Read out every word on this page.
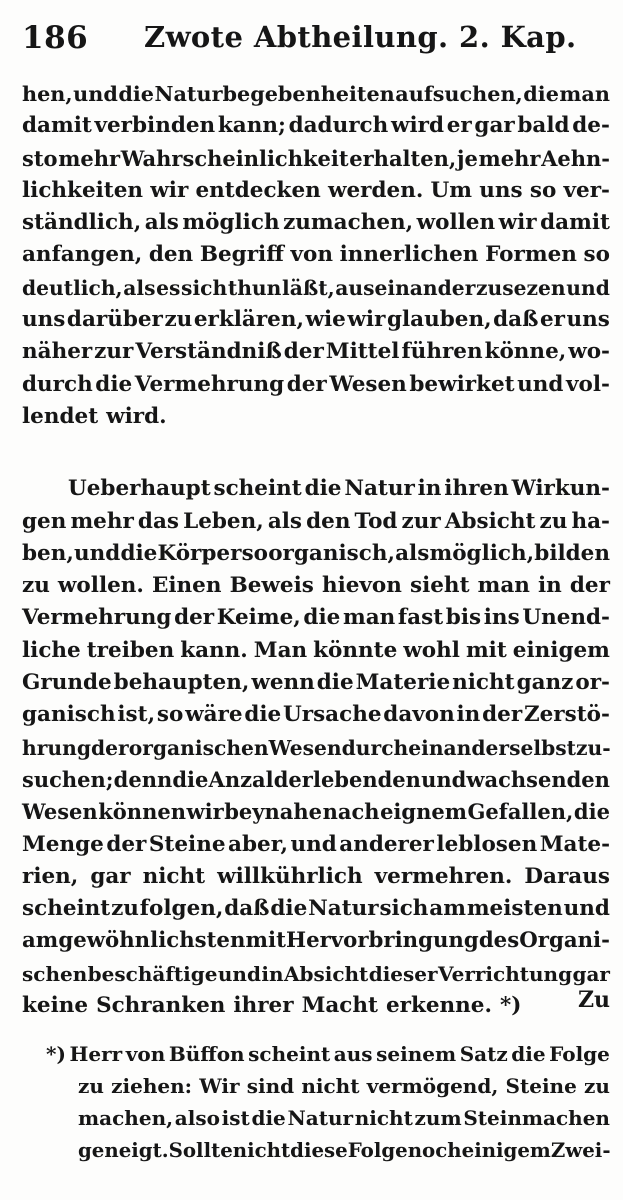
186 Zwote Abtheilung. 2. Kap.
hen, und die Naturbegebenheiten aufsuchen, die man
damit verbinden kann; dadurch wird er gar bald de-
sto mehr Wahrscheinlichkeit erhalten, je mehr Aehn-
lichkeiten wir entdecken werden. Um uns so ver-
ständlich, als möglich zumachen, wollen wir damit
anfangen, den Begriff von innerlichen Formen so
deutlich, als es sich thun läßt, auseinander zusezen und
uns darüber zu erklären, wie wir glauben, daß er uns
näher zur Verständniß der Mittel führen könne, wo-
durch die Vermehrung der Wesen bewirket und vol-
lendet wird.
Ueberhaupt scheint die Natur in ihren Wirkun-
gen mehr das Leben, als den Tod zur Absicht zu ha-
ben, und die Körper so organisch, als möglich, bilden
zu wollen. Einen Beweis hievon sieht man in der
Vermehrung der Keime, die man fast bis ins Unend-
liche treiben kann. Man könnte wohl mit einigem
Grunde behaupten, wenn die Materie nicht ganz or-
ganisch ist, so wäre die Ursache davon in der Zerstö-
hrung der organischen Wesen durch einander selbst zu-
suchen; denn die Anzal der lebenden und wachsenden
Wesen können wir beynahe nach eignem Gefallen, die
Menge der Steine aber, und anderer leblosen Mate-
rien, gar nicht willkührlich vermehren. Daraus
scheint zu folgen, daß die Natur sich am meisten und
am gewöhnlichsten mit Hervorbringung des Organi-
schen beschäftige und in Absicht dieser Verrichtung gar
keine Schranken ihrer Macht erkenne. *)	Zu
*) Herr von Büffon scheint aus seinem Satz die Folge
zu ziehen: Wir sind nicht vermögend, Steine zu
machen, also ist die Natur nicht zum Steinmachen
geneigt. Sollte nicht diese Folge noch einigem Zwei-
